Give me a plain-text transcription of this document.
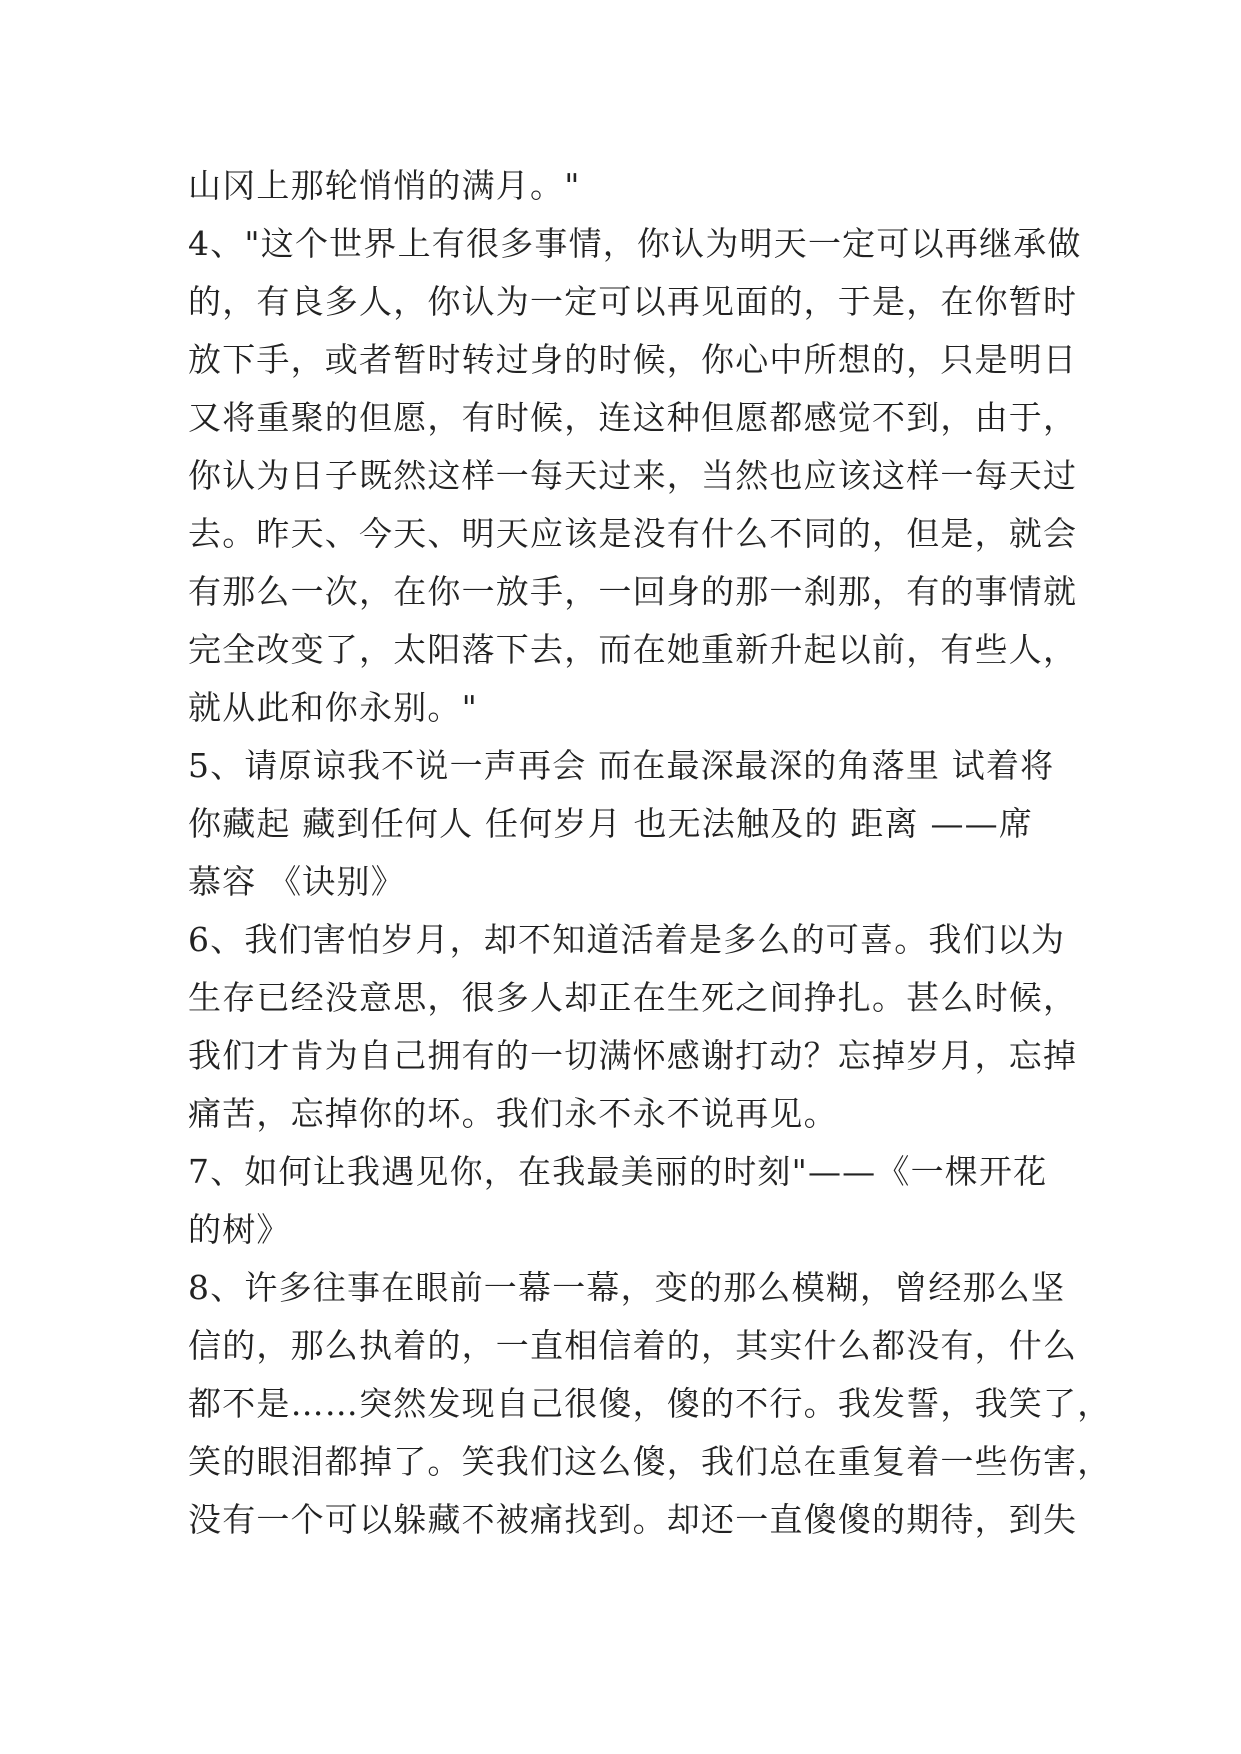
山冈上那轮悄悄的满月。"
4、"这个世界上有很多事情，你认为明天一定可以再继承做
的，有良多人，你认为一定可以再见面的，于是，在你暂时
放下手，或者暂时转过身的时候，你心中所想的，只是明日
又将重聚的但愿，有时候，连这种但愿都感觉不到，由于，
你认为日子既然这样一每天过来，当然也应该这样一每天过
去。昨天、今天、明天应该是没有什么不同的，但是，就会
有那么一次，在你一放手，一回身的那一刹那，有的事情就
完全改变了，太阳落下去，而在她重新升起以前，有些人，
就从此和你永别。"
5、请原谅我不说一声再会 而在最深最深的角落里 试着将
你藏起 藏到任何人 任何岁月 也无法触及的 距离 ——席
慕容 《诀别》
6、我们害怕岁月，却不知道活着是多么的可喜。我们以为
生存已经没意思，很多人却正在生死之间挣扎。甚么时候，
我们才肯为自己拥有的一切满怀感谢打动？忘掉岁月，忘掉
痛苦，忘掉你的坏。我们永不永不说再见。
7、如何让我遇见你，在我最美丽的时刻"——《一棵开花
的树》
8、许多往事在眼前一幕一幕，变的那么模糊，曾经那么坚
信的，那么执着的，一直相信着的，其实什么都没有，什么
都不是……突然发现自己很傻，傻的不行。我发誓，我笑了，
笑的眼泪都掉了。笑我们这么傻，我们总在重复着一些伤害，
没有一个可以躲藏不被痛找到。却还一直傻傻的期待，到失
